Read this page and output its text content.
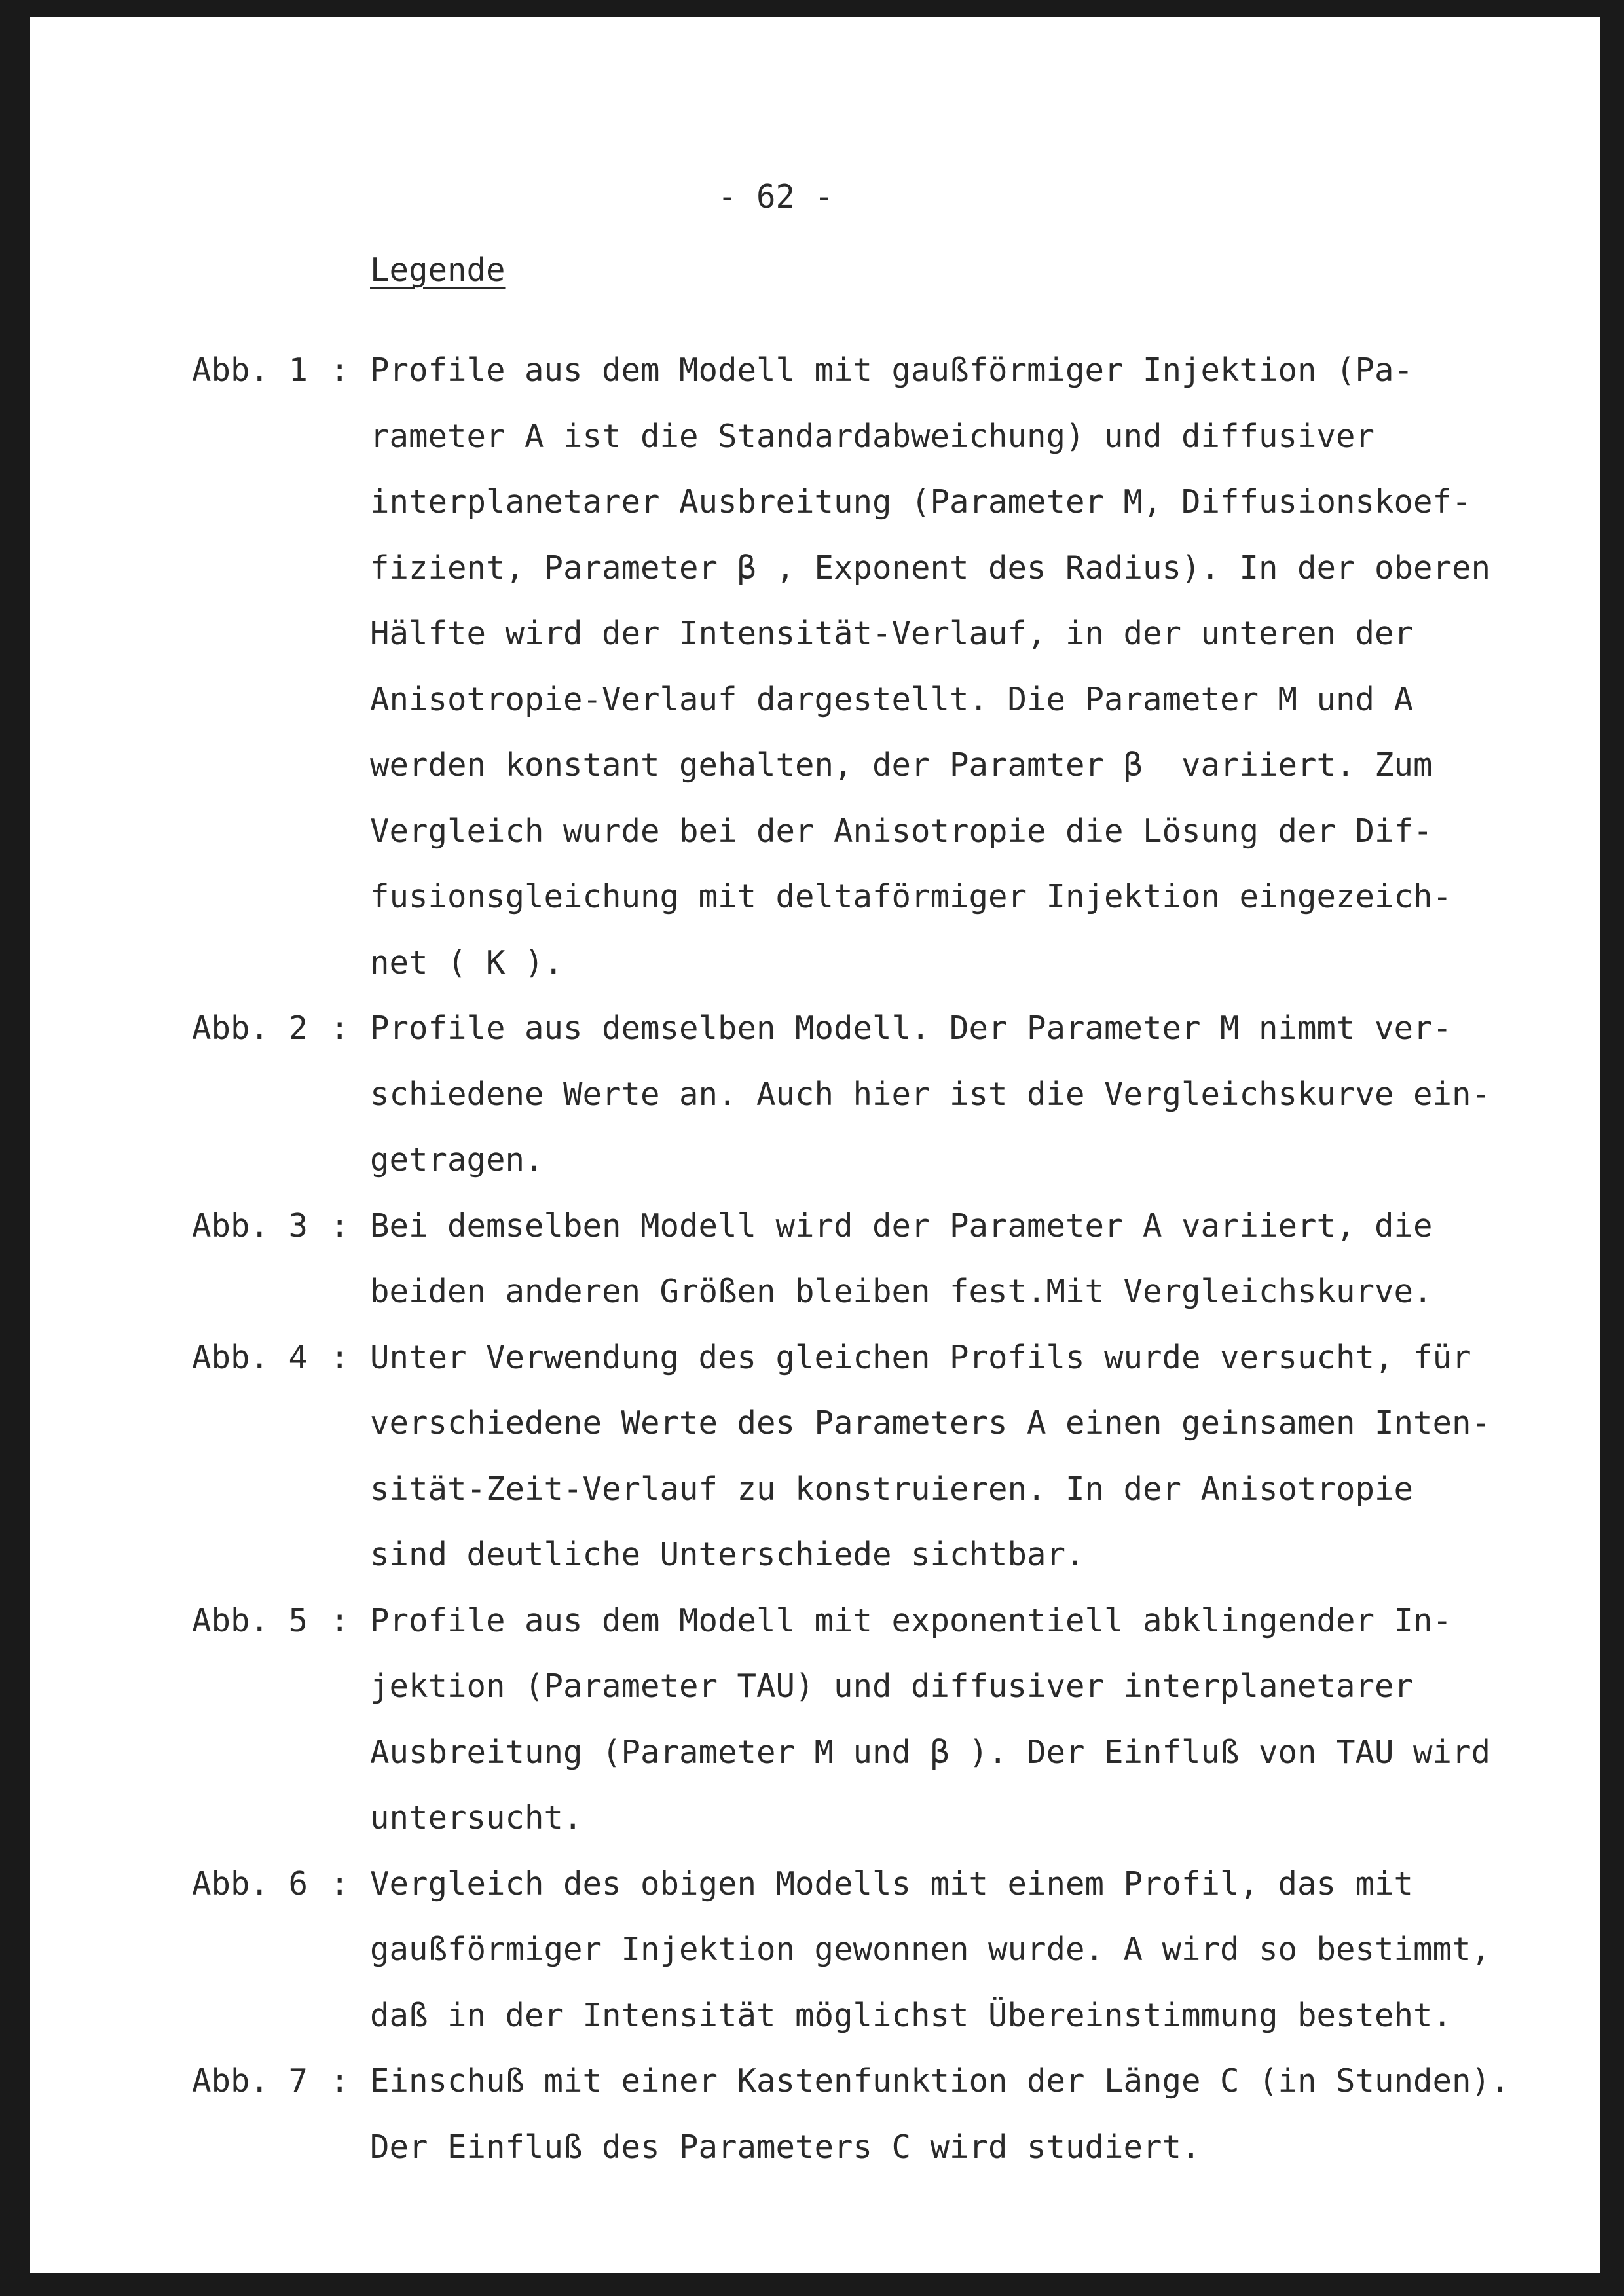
- 62 -
Legende
Abb. 1 : Profile aus dem Modell mit gaußförmiger Injektion (Pa-
rameter A ist die Standardabweichung) und diffusiver
interplanetarer Ausbreitung (Parameter M, Diffusionskoef-
fizient, Parameter β , Exponent des Radius). In der oberen
Hälfte wird der Intensität-Verlauf, in der unteren der
Anisotropie-Verlauf dargestellt. Die Parameter M und A
werden konstant gehalten, der Paramter β  variiert. Zum
Vergleich wurde bei der Anisotropie die Lösung der Dif-
fusionsgleichung mit deltaförmiger Injektion eingezeich-
net ( K ).
Abb. 2 : Profile aus demselben Modell. Der Parameter M nimmt ver-
schiedene Werte an. Auch hier ist die Vergleichskurve ein-
getragen.
Abb. 3 : Bei demselben Modell wird der Parameter A variiert, die
beiden anderen Größen bleiben fest.Mit Vergleichskurve.
Abb. 4 : Unter Verwendung des gleichen Profils wurde versucht, für
verschiedene Werte des Parameters A einen geinsamen Inten-
sität-Zeit-Verlauf zu konstruieren. In der Anisotropie
sind deutliche Unterschiede sichtbar.
Abb. 5 : Profile aus dem Modell mit exponentiell abklingender In-
jektion (Parameter TAU) und diffusiver interplanetarer
Ausbreitung (Parameter M und β ). Der Einfluß von TAU wird
untersucht.
Abb. 6 : Vergleich des obigen Modells mit einem Profil, das mit
gaußförmiger Injektion gewonnen wurde. A wird so bestimmt,
daß in der Intensität möglichst Übereinstimmung besteht.
Abb. 7 : Einschuß mit einer Kastenfunktion der Länge C (in Stunden).
Der Einfluß des Parameters C wird studiert.
